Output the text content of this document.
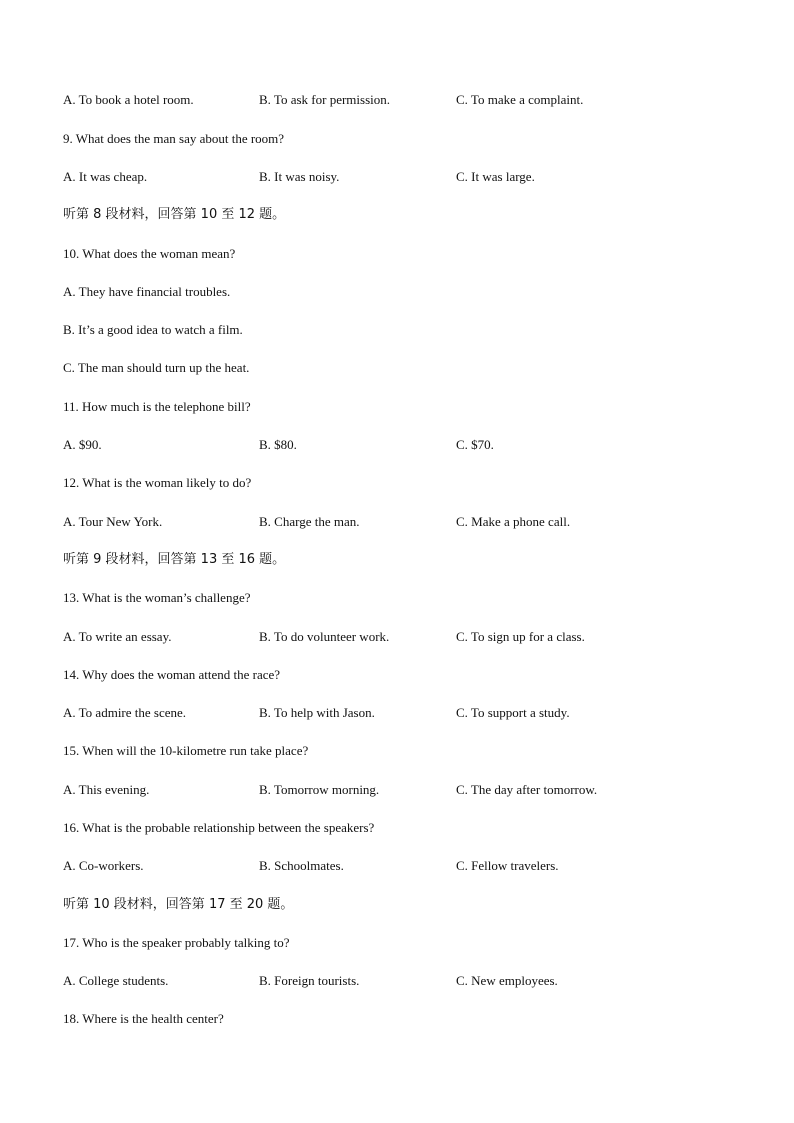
A. To book a hotel room.	B. To ask for permission.	C. To make a complaint.
9. What does the man say about the room?
A. It was cheap.	B. It was noisy.	C. It was large.
听第 8 段材料，回答第 10 至 12 题。
10. What does the woman mean?
A. They have financial troubles.
B. It’s a good idea to watch a film.
C. The man should turn up the heat.
11. How much is the telephone bill?
A. $90.	B. $80.	C. $70.
12. What is the woman likely to do?
A. Tour New York.	B. Charge the man.	C. Make a phone call.
听第 9 段材料，回答第 13 至 16 题。
13. What is the woman’s challenge?
A. To write an essay.	B. To do volunteer work.	C. To sign up for a class.
14. Why does the woman attend the race?
A. To admire the scene.	B. To help with Jason.	C. To support a study.
15. When will the 10-kilometre run take place?
A. This evening.	B. Tomorrow morning.	C. The day after tomorrow.
16. What is the probable relationship between the speakers?
A. Co-workers.	B. Schoolmates.	C. Fellow travelers.
听第 10 段材料，回答第 17 至 20 题。
17. Who is the speaker probably talking to?
A. College students.	B. Foreign tourists.	C. New employees.
18. Where is the health center?
